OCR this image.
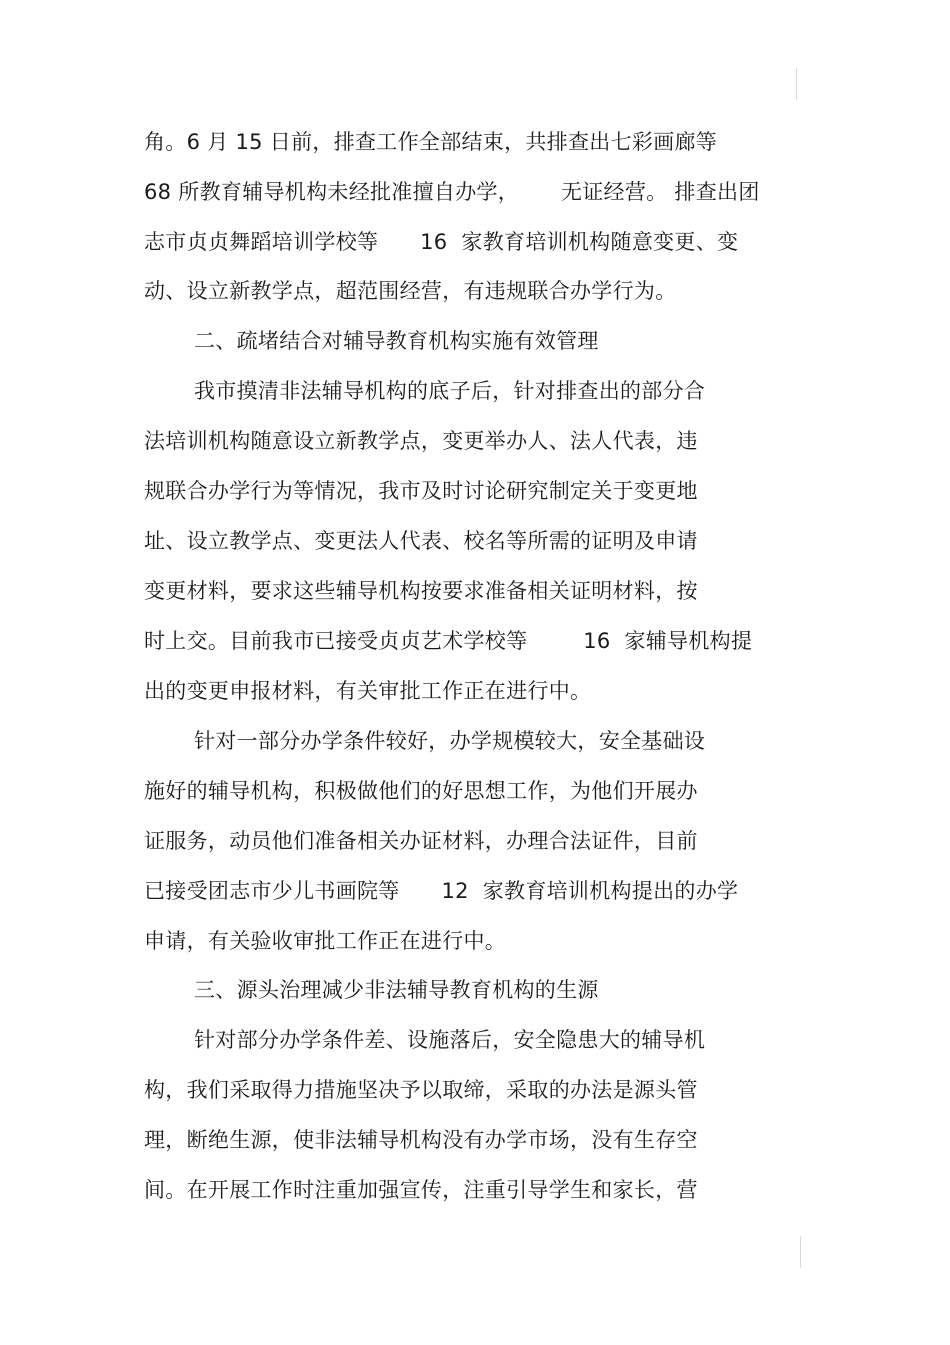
角。6 月 15 日前，排查工作全部结束，共排查出七彩画廊等
68 所教育辅导机构未经批准擅自办学，      无证经营。 排查出团
志市贞贞舞蹈培训学校等      16  家教育培训机构随意变更、变
动、设立新教学点，超范围经营，有违规联合办学行为。
二、疏堵结合对辅导教育机构实施有效管理
我市摸清非法辅导机构的底子后，针对排查出的部分合
法培训机构随意设立新教学点，变更举办人、法人代表，违
规联合办学行为等情况，我市及时讨论研究制定关于变更地
址、设立教学点、变更法人代表、校名等所需的证明及申请
变更材料，要求这些辅导机构按要求准备相关证明材料，按
时上交。目前我市已接受贞贞艺术学校等        16  家辅导机构提
出的变更申报材料，有关审批工作正在进行中。
针对一部分办学条件较好，办学规模较大，安全基础设
施好的辅导机构，积极做他们的好思想工作，为他们开展办
证服务，动员他们准备相关办证材料，办理合法证件，目前
已接受团志市少儿书画院等      12  家教育培训机构提出的办学
申请，有关验收审批工作正在进行中。
三、源头治理减少非法辅导教育机构的生源
针对部分办学条件差、设施落后，安全隐患大的辅导机
构，我们采取得力措施坚决予以取缔，采取的办法是源头管
理，断绝生源，使非法辅导机构没有办学市场，没有生存空
间。在开展工作时注重加强宣传，注重引导学生和家长，营
